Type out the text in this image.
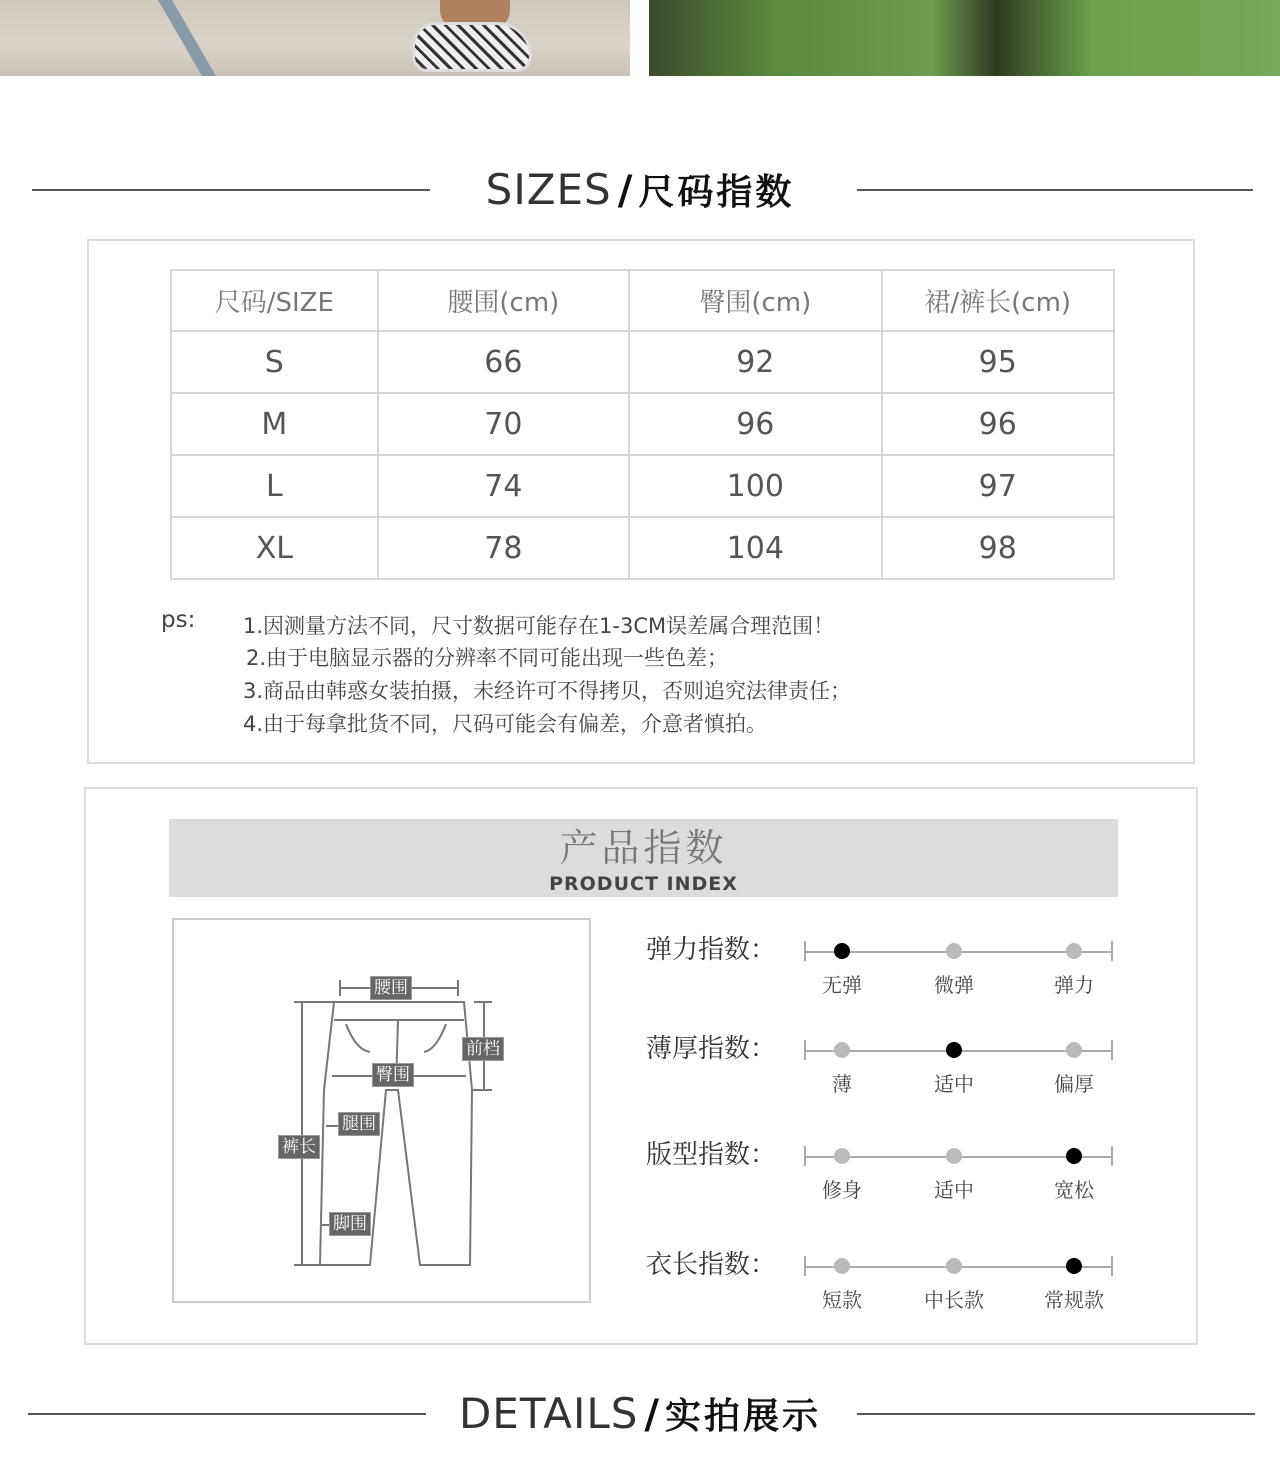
SIZES / 尺码指数
尺码/SIZE	腰围(cm)	臀围(cm)	裙/裤长(cm)
S	66	92	95
M	70	96	96
L	74	100	97
XL	78	104	98
ps: 1.因测量方法不同，尺寸数据可能存在1-3CM误差属合理范围！
2.由于电脑显示器的分辨率不同可能出现一些色差；
3.商品由韩惑女装拍摄，未经许可不得拷贝，否则追究法律责任；
4.由于每拿批货不同，尺码可能会有偏差，介意者慎拍。
产品指数
PRODUCT INDEX
腰围
前档
臀围
腿围
裤长
脚围
弹力指数：
无弹	微弹	弹力
薄厚指数：
薄	适中	偏厚
版型指数：
修身	适中	宽松
衣长指数：
短款	中长款	常规款
DETAILS / 实拍展示
